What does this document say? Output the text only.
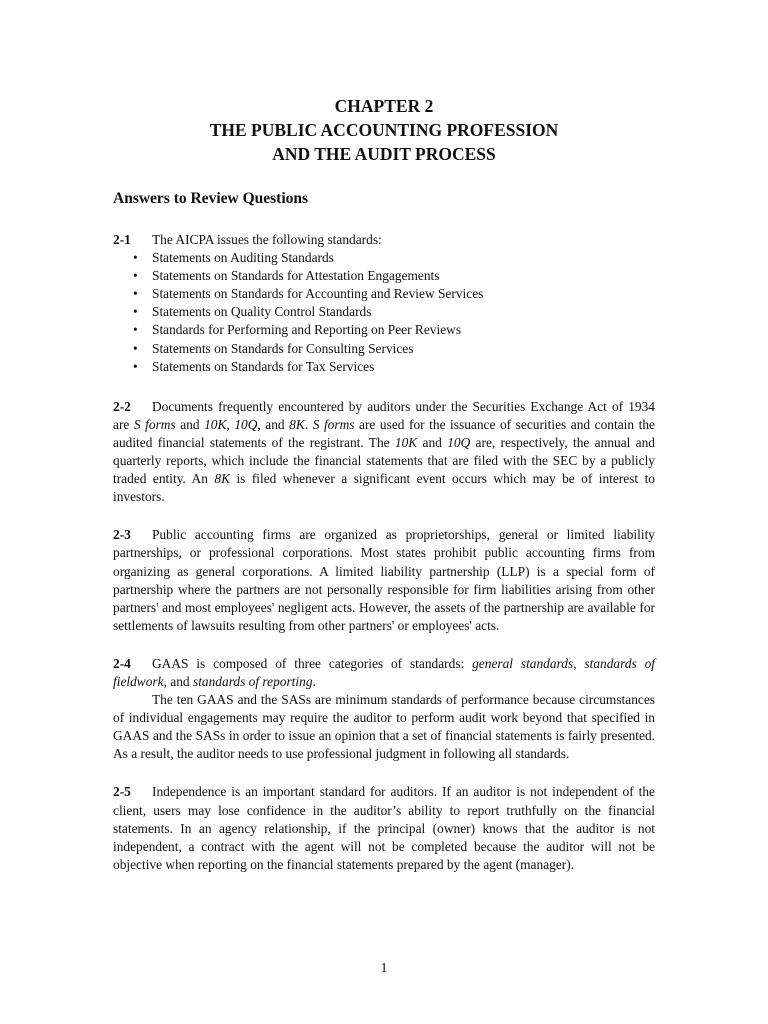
CHAPTER 2
THE PUBLIC ACCOUNTING PROFESSION
AND THE AUDIT PROCESS
Answers to Review Questions
2-1 The AICPA issues the following standards:
• Statements on Auditing Standards
• Statements on Standards for Attestation Engagements
• Statements on Standards for Accounting and Review Services
• Statements on Quality Control Standards
• Standards for Performing and Reporting on Peer Reviews
• Statements on Standards for Consulting Services
• Statements on Standards for Tax Services
2-2 Documents frequently encountered by auditors under the Securities Exchange Act of 1934 are S forms and 10K, 10Q, and 8K. S forms are used for the issuance of securities and contain the audited financial statements of the registrant. The 10K and 10Q are, respectively, the annual and quarterly reports, which include the financial statements that are filed with the SEC by a publicly traded entity. An 8K is filed whenever a significant event occurs which may be of interest to investors.
2-3 Public accounting firms are organized as proprietorships, general or limited liability partnerships, or professional corporations. Most states prohibit public accounting firms from organizing as general corporations. A limited liability partnership (LLP) is a special form of partnership where the partners are not personally responsible for firm liabilities arising from other partners' and most employees' negligent acts. However, the assets of the partnership are available for settlements of lawsuits resulting from other partners' or employees' acts.
2-4 GAAS is composed of three categories of standards: general standards, standards of fieldwork, and standards of reporting.
The ten GAAS and the SASs are minimum standards of performance because circumstances of individual engagements may require the auditor to perform audit work beyond that specified in GAAS and the SASs in order to issue an opinion that a set of financial statements is fairly presented. As a result, the auditor needs to use professional judgment in following all standards.
2-5 Independence is an important standard for auditors. If an auditor is not independent of the client, users may lose confidence in the auditor’s ability to report truthfully on the financial statements. In an agency relationship, if the principal (owner) knows that the auditor is not independent, a contract with the agent will not be completed because the auditor will not be objective when reporting on the financial statements prepared by the agent (manager).
1
